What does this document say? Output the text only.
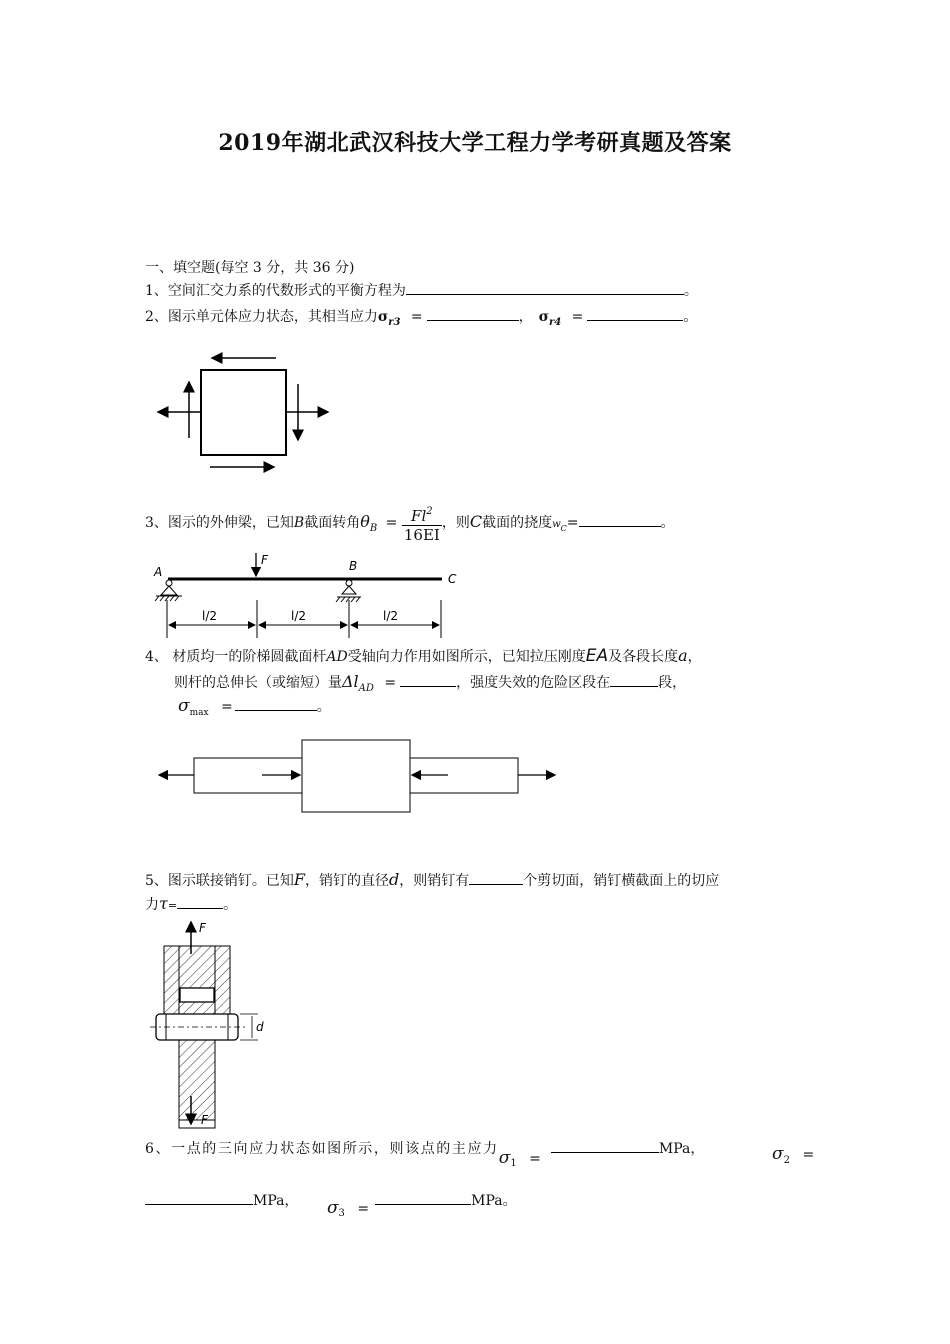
2019年湖北武汉科技大学工程力学考研真题及答案
一、填空题(每空 3 分，共 36 分)
1、空间汇交力系的代数形式的平衡方程为	。
2、图示单元体应力状态，其相当应力$\sigma_{r3}$ =	， $\sigma_{r4}$ =	。
3、图示的外伸梁，已知B截面转角$\theta_B = \frac{Fl^2}{16EI}$ ，则C截面的挠度$w_C=$	。
F
A	B
C
l/2	l/2	l/2
4、 材质均一的阶梯圆截面杆AD受轴向力作用如图所示，已知拉压刚度EA及各段长度a，
则杆的总伸长（或缩短）量$\Delta l_{AD}$ =	，强度失效的危险区段在	段，
$\sigma_{max}$ =	。
5、图示联接销钉。已知F，销钉的直径d，则销钉有	个剪切面，销钉横截面上的切应
力τ=	。
F
F
d
6、一点的三向应力状态如图所示，则该点的主应力$\sigma_1 =MPa$，	$\sigma_2$ =
MPa， $\sigma_3$ =	MPa。
